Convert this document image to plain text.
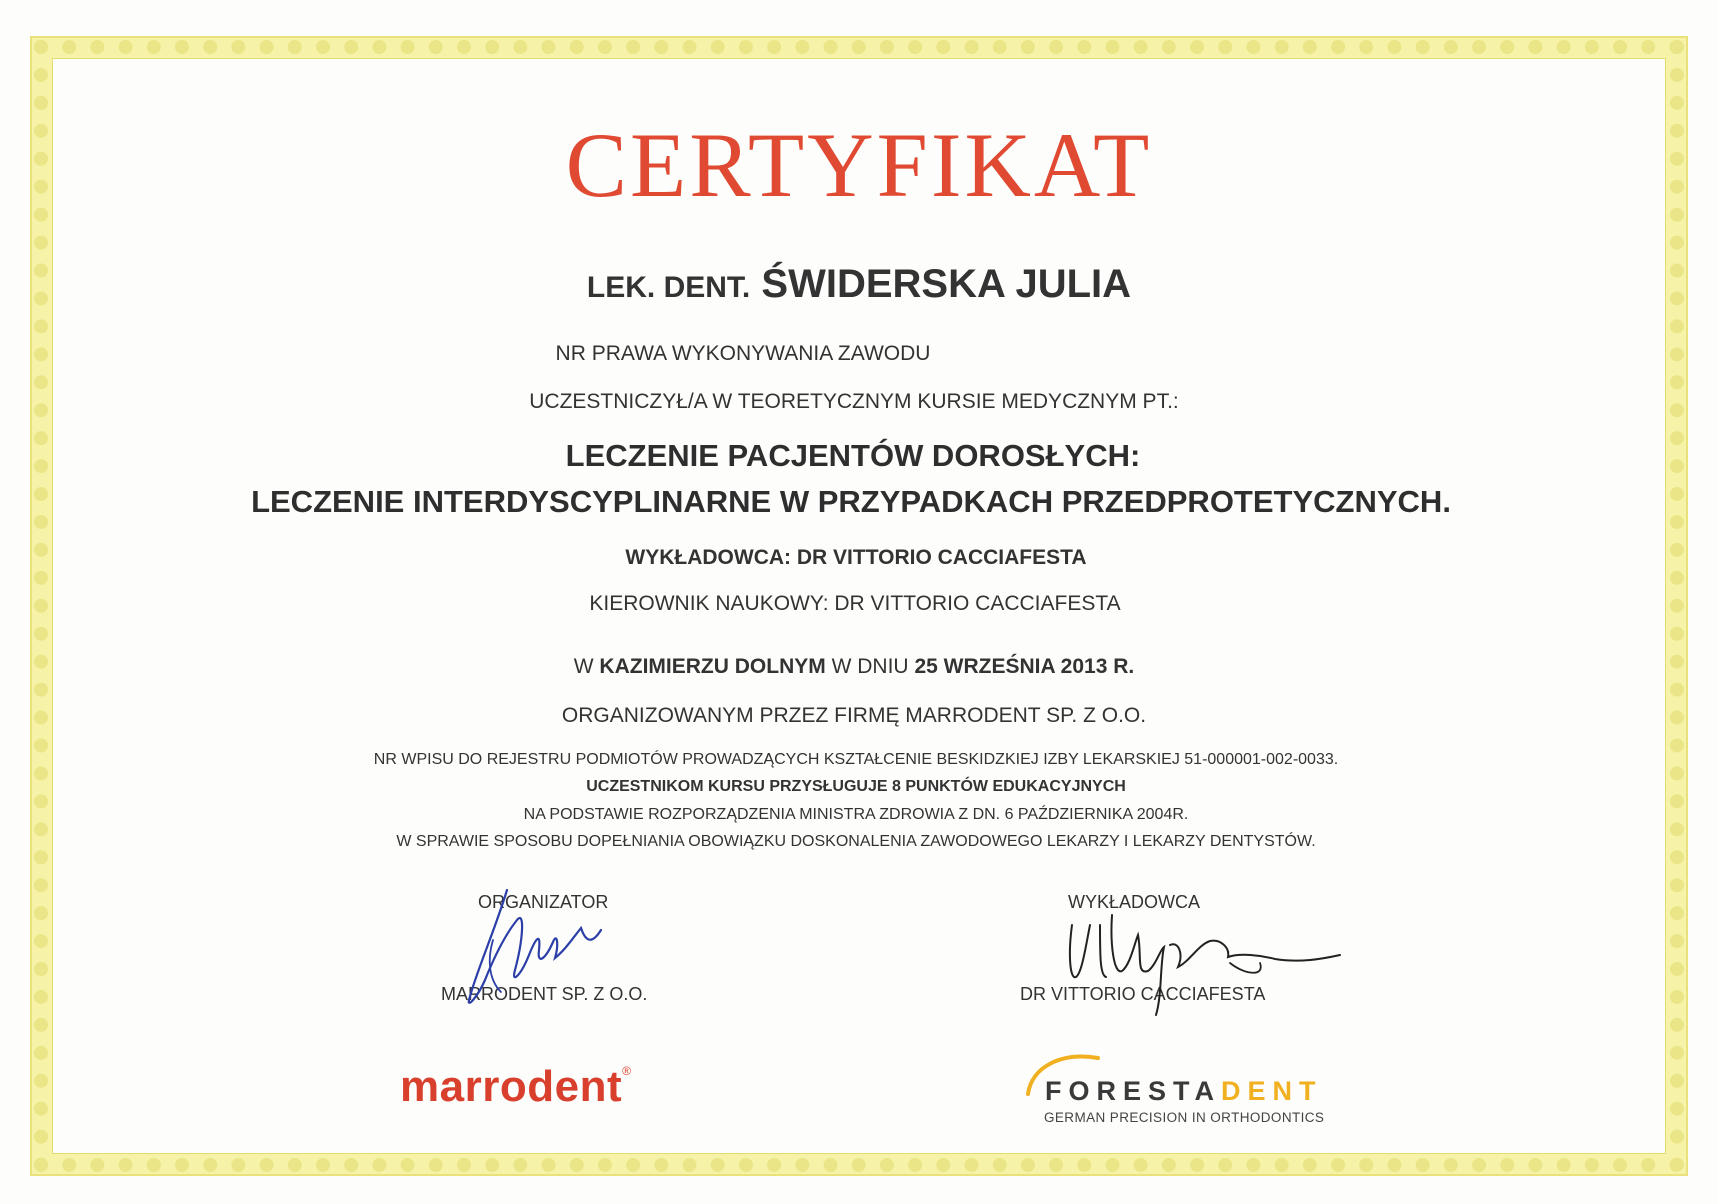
CERTYFIKAT
LEK. DENT. ŚWIDERSKA JULIA
NR PRAWA WYKONYWANIA ZAWODU
UCZESTNICZYŁ/A W TEORETYCZNYM KURSIE MEDYCZNYM PT.:
LECZENIE PACJENTÓW DOROSŁYCH:
LECZENIE INTERDYSCYPLINARNE W PRZYPADKACH PRZEDPROTETYCZNYCH.
WYKŁADOWCA: DR VITTORIO CACCIAFESTA
KIEROWNIK NAUKOWY: DR VITTORIO CACCIAFESTA
W KAZIMIERZU DOLNYM W DNIU 25 WRZEŚNIA 2013 R.
ORGANIZOWANYM PRZEZ FIRMĘ MARRODENT SP. Z O.O.
NR WPISU DO REJESTRU PODMIOTÓW PROWADZĄCYCH KSZTAŁCENIE BESKIDZKIEJ IZBY LEKARSKIEJ 51-000001-002-0033.
UCZESTNIKOM KURSU PRZYSŁUGUJE 8 PUNKTÓW EDUKACYJNYCH
NA PODSTAWIE ROZPORZĄDZENIA MINISTRA ZDROWIA Z DN. 6 PAŹDZIERNIKA 2004R.
W SPRAWIE SPOSOBU DOPEŁNIANIA OBOWIĄZKU DOSKONALENIA ZAWODOWEGO LEKARZY I LEKARZY DENTYSTÓW.
ORGANIZATOR
MARRODENT SP. Z O.O.
WYKŁADOWCA
DR VITTORIO CACCIAFESTA
marrodent®
FORESTADENT
GERMAN PRECISION IN ORTHODONTICS
